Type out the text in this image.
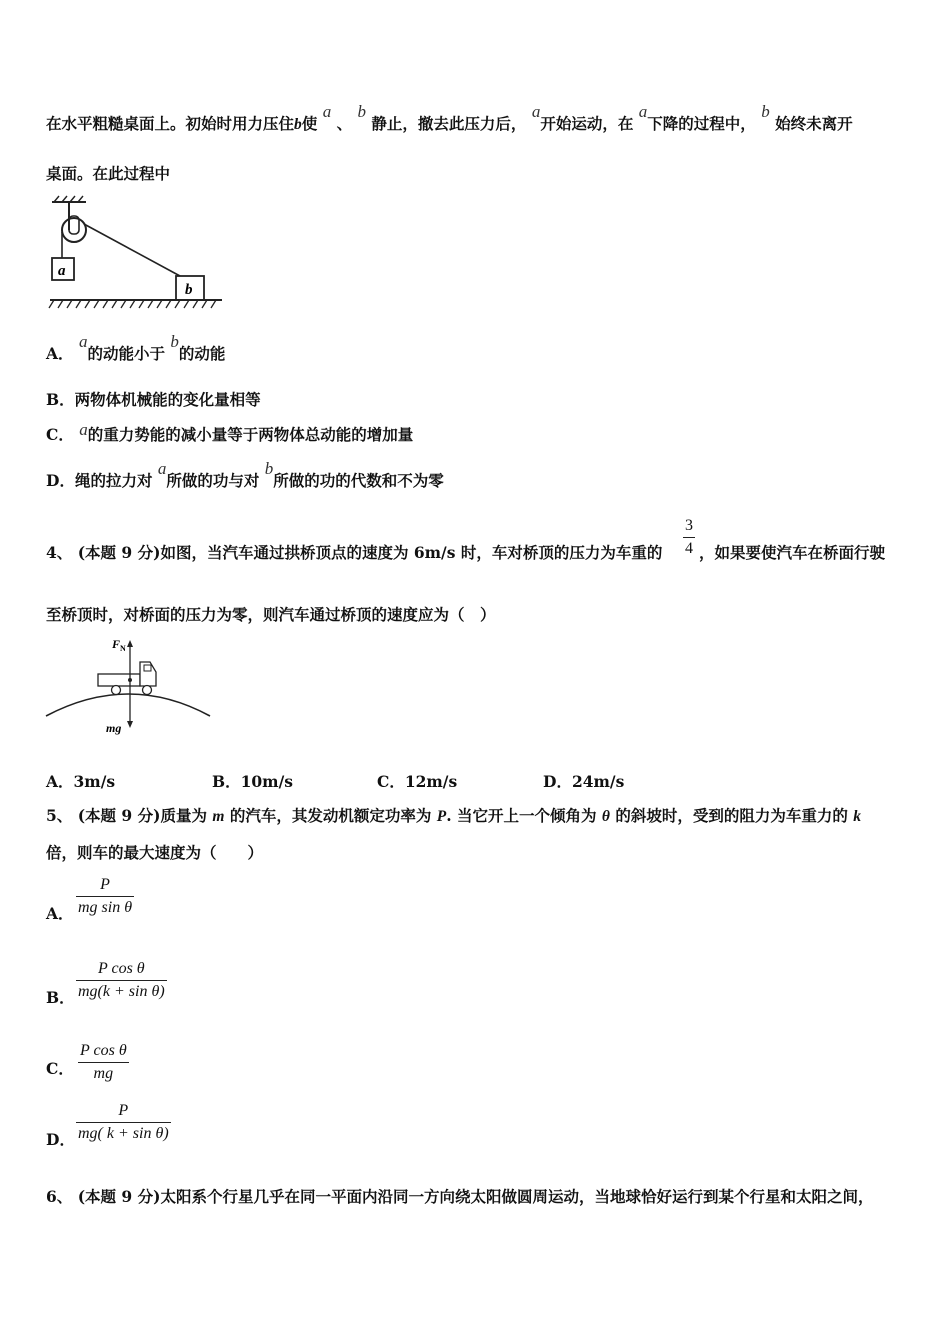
在水平粗糙桌面上。初始时用力压住b使 a 、 b 静止，撤去此压力后， a开始运动，在 a下降的过程中， b 始终未离开
桌面。在此过程中
a
b
A． a的动能小于 b的动能
B．两物体机械能的变化量相等
C． a的重力势能的减小量等于两物体总动能的增加量
D．绳的拉力对 a所做的功与对 b所做的功的代数和不为零
4、 (本题 9 分)如图，当汽车通过拱桥顶点的速度为 6m/s 时，车对桥顶的压力为车重的 $\frac{3}{4}$ ，如果要使汽车在桥面行驶
至桥顶时，对桥面的压力为零，则汽车通过桥顶的速度应为（　）
F N
mg
A．3m/s	B．10m/s	C．12m/s	D．24m/s
5、 (本题 9 分)质量为 m 的汽车，其发动机额定功率为 P. 当它开上一个倾角为 θ 的斜坡时，受到的阻力为车重力的 k
倍，则车的最大速度为（　　）
A． $\frac{P}{\text{mg sin θ}}$
B． $\frac{\text{P cos θ}}{\text{mg(k + sin θ)}}$
C． $\frac{\text{P cos θ}}{mg}$
D． $\frac{P}{\text{mg( k + sin θ)}}$
6、 (本题 9 分)太阳系个行星几乎在同一平面内沿同一方向绕太阳做圆周运动，当地球恰好运行到某个行星和太阳之间，
